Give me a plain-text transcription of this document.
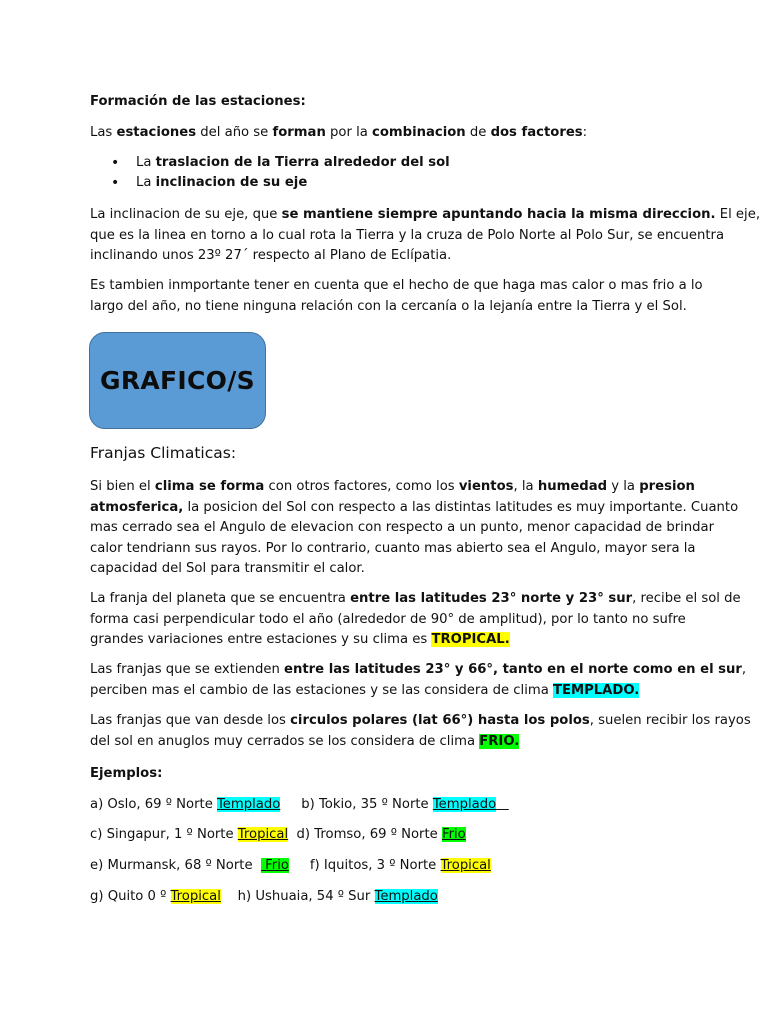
Formación de las estaciones:

Las estaciones del año se forman por la combinacion de dos factores:

• La traslacion de la Tierra alrededor del sol
• La inclinacion de su eje

La inclinacion de su eje, que se mantiene siempre apuntando hacia la misma direccion. El eje,

que es la linea en torno a lo cual rota la Tierra y la cruza de Polo Norte al Polo Sur, se encuentra

inclinando unos 23º 27´ respecto al Plano de Eclípatia.

Es tambien inmportante tener en cuenta que el hecho de que haga mas calor o mas frio a lo

largo del año, no tiene ninguna relación con la cercanía o la lejanía entre la Tierra y el Sol.

Franjas Climaticas:

Si bien el clima se forma con otros factores, como los vientos, la humedad y la presion

atmosferica, la posicion del Sol con respecto a las distintas latitudes es muy importante. Cuanto

mas cerrado sea el Angulo de elevacion con respecto a un punto, menor capacidad de brindar

calor tendriann sus rayos. Por lo contrario, cuanto mas abierto sea el Angulo, mayor sera la

capacidad del Sol para transmitir el calor.

La franja del planeta que se encuentra entre las latitudes 23° norte y 23° sur, recibe el sol de

forma casi perpendicular todo el año (alrededor de 90° de amplitud), por lo tanto no sufre

grandes variaciones entre estaciones y su clima es TROPICAL.

Las franjas que se extienden entre las latitudes 23° y 66°, tanto en el norte como en el sur,

perciben mas el cambio de las estaciones y se las considera de clima TEMPLADO.

Las franjas que van desde los circulos polares (lat 66°) hasta los polos, suelen recibir los rayos

del sol en anuglos muy cerrados se los considera de clima FRIO.

Ejemplos:

GRAFICO/S
a) Oslo, 69 º Norte Templado     b) Tokio, 35 º Norte Templado
c) Singapur, 1 º Norte Tropical  d) Tromso, 69 º Norte Frio
e) Murmansk, 68 º Norte   Frio     f) Iquitos, 3 º Norte Tropical
g) Quito 0 º Tropical    h) Ushuaia, 54 º Sur Templado
